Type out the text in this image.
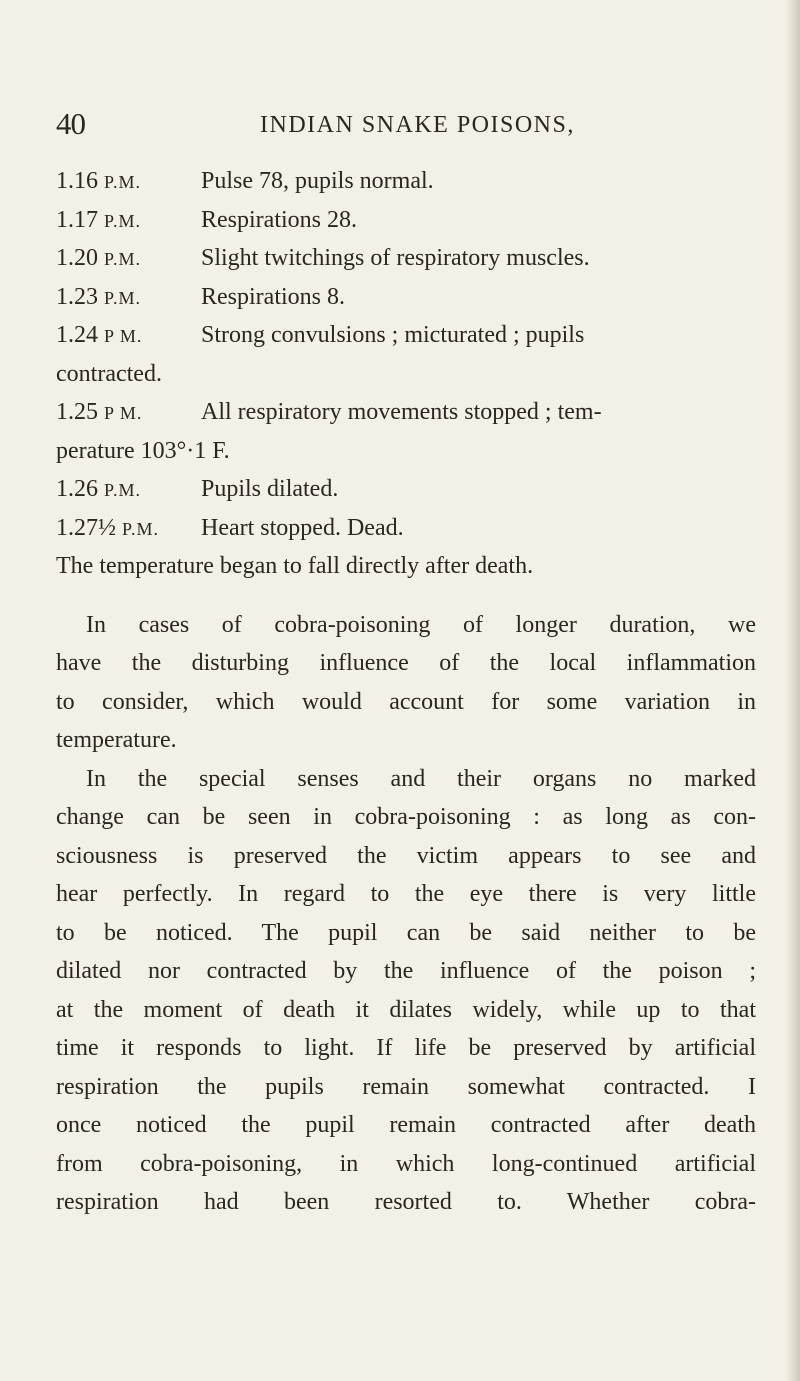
40	INDIAN SNAKE POISONS,
1.16 P.M. Pulse 78, pupils normal.
1.17 P.M. Respirations 28.
1.20 P.M. Slight twitchings of respiratory muscles.
1.23 P.M. Respirations 8.
1.24 P M. Strong convulsions ; micturated ; pupils
contracted.
1.25 P M. All respiratory movements stopped ; tem-
perature 103°·1 F.
1.26 P.M. Pupils dilated.
1.27½ P.M. Heart stopped. Dead.
The temperature began to fall directly after death.
In cases of cobra-poisoning of longer duration, we
have the disturbing influence of the local inflammation
to consider, which would account for some variation in
temperature.
In the special senses and their organs no marked
change can be seen in cobra-poisoning : as long as con-
sciousness is preserved the victim appears to see and
hear perfectly. In regard to the eye there is very little
to be noticed. The pupil can be said neither to be
dilated nor contracted by the influence of the poison ;
at the moment of death it dilates widely, while up to that
time it responds to light. If life be preserved by artificial
respiration the pupils remain somewhat contracted. I
once noticed the pupil remain contracted after death
from cobra-poisoning, in which long-continued artificial
respiration had been resorted to. Whether cobra-
